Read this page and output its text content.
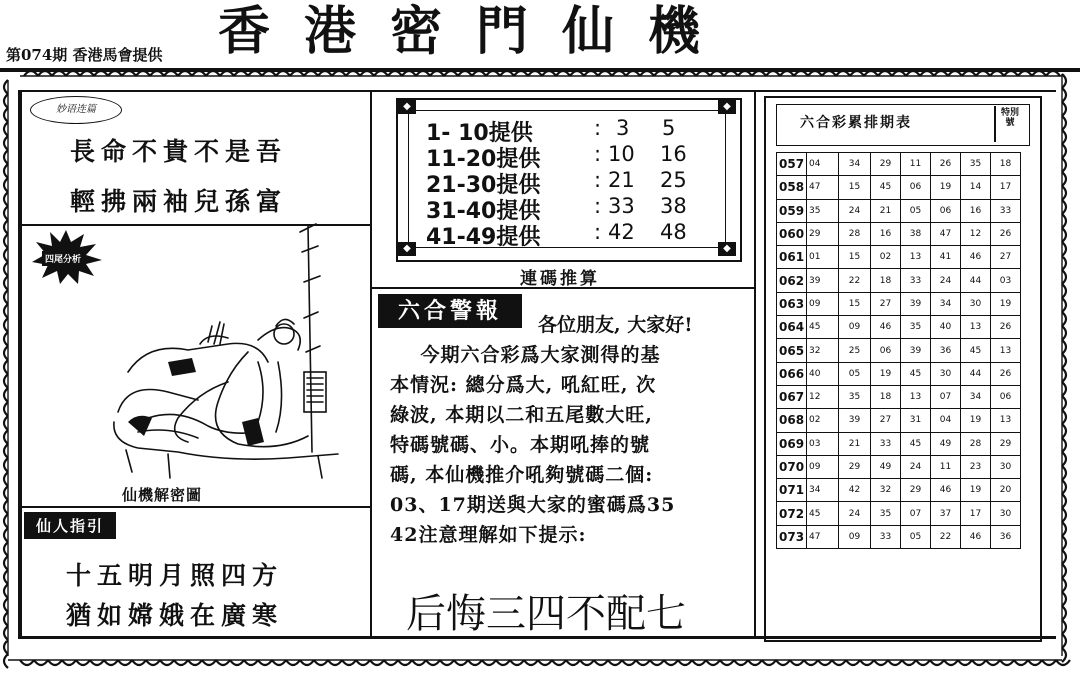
第074期 香港馬會提供 香港密門仙機
妙语连篇
長命不貴不是吾
輕拂兩袖兒孫富
四尾分析
仙機解密圖
仙人指引
十五明月照四方
猶如嫦娥在廣寒
◆	◆
◆	◆
1- 10提供	: 3 5
11-20提供	: 10 16
21-30提供	: 21 25
31-40提供	: 33 38
41-49提供	: 42 48
連碼推算
六合警報
各位朋友, 大家好!
今期六合彩爲大家測得的基
本情況: 總分爲大, 吼紅旺, 次
綠波, 本期以二和五尾數大旺,
特碼號碼、小。本期吼捧的號
碼, 本仙機推介吼夠號碼二個:
03、17期送與大家的蜜碼爲35
42注意理解如下提示:
后悔三四不配七
六合彩累排期表
特別號
057	04	34	29	11	26	35	18
058	47	15	45	06	19	14	17
059	35	24	21	05	06	16	33
060	29	28	16	38	47	12	26
061	01	15	02	13	41	46	27
062	39	22	18	33	24	44	03
063	09	15	27	39	34	30	19
064	45	09	46	35	40	13	26
065	32	25	06	39	36	45	13
066	40	05	19	45	30	44	26
067	12	35	18	13	07	34	06
068	02	39	27	31	04	19	13
069	03	21	33	45	49	28	29
070	09	29	49	24	11	23	30
071	34	42	32	29	46	19	20
072	45	24	35	07	37	17	30
073	47	09	33	05	22	46	36
